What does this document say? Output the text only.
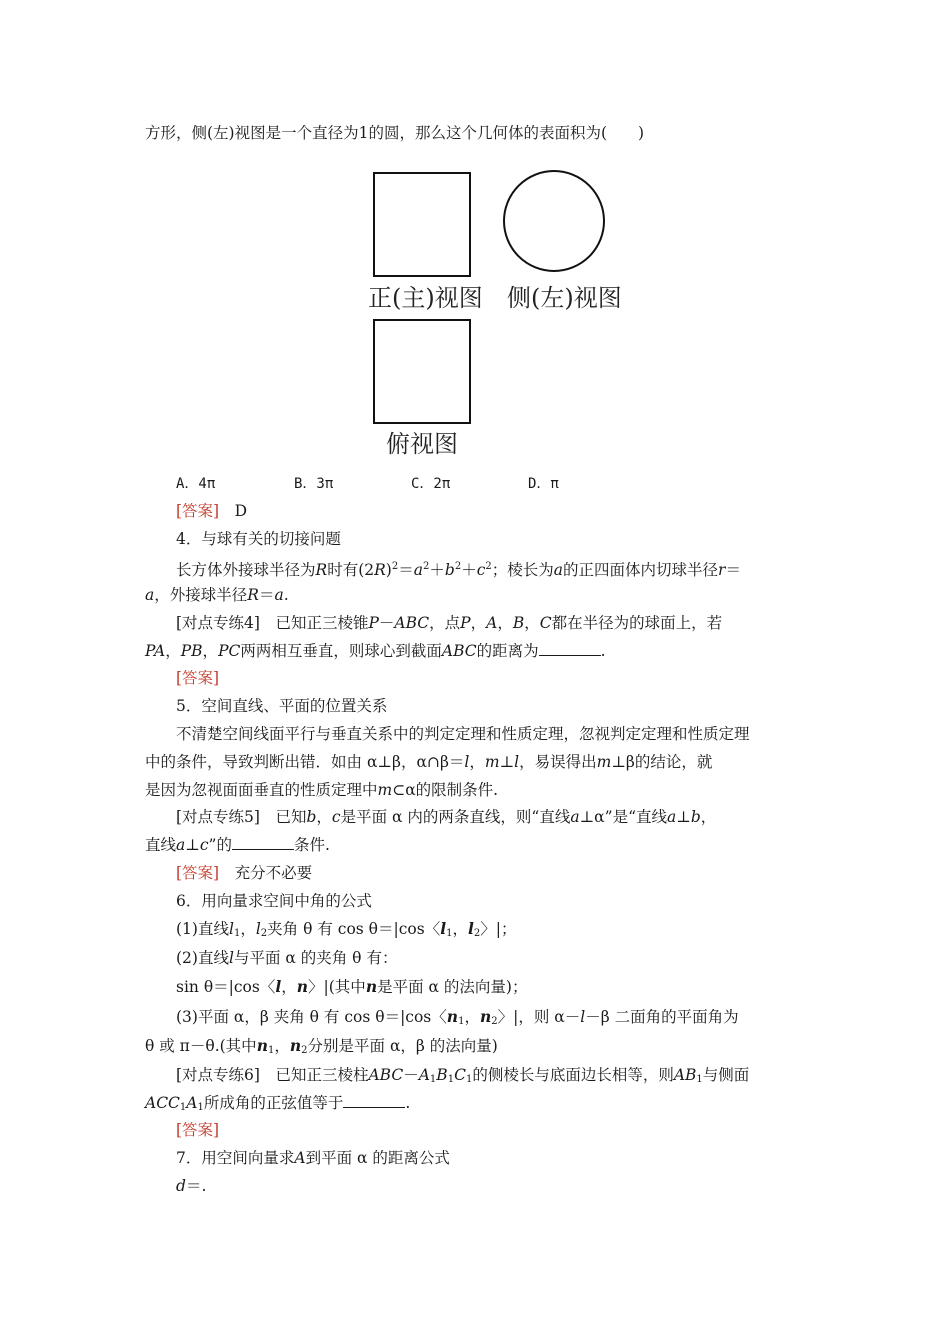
方形，侧(左)视图是一个直径为1的圆，那么这个几何体的表面积为(　　)
正(主)视图 侧(左)视图
俯视图
A．4π	B．3π	C．2π	D．π
[答案]　 D
4．与球有关的切接问题
长方体外接球半径为R时有$(2R)^2=a^2+b^2+c^2$；棱长为a的正四面体内切球半径r＝
a，外接球半径R＝a.
[对点专练4]　已知正三棱锥P－ABC，点P，A，B，C都在半径为的球面上，若
PA，PB，PC两两相互垂直，则球心到截面ABC的距离为	.
[答案]
5．空间直线、平面的位置关系
不清楚空间线面平行与垂直关系中的判定定理和性质定理，忽视判定定理和性质定理
中的条件，导致判断出错．如由 α⊥β，α∩β＝l，m⊥l，易误得出m⊥β的结论，就
是因为忽视面面垂直的性质定理中m⊂α的限制条件.
[对点专练5]　已知b，c是平面 α 内的两条直线，则“直线a⊥α”是“直线a⊥b，
直线a⊥c”的	条件.
[答案]　 充分不必要
6．用向量求空间中角的公式
(1)直线$l_1$，$l_2$夹角 θ 有 cos θ＝|cos〈$l_1$，$l_2$〉|；
(2)直线l与平面 α 的夹角 θ 有：
sin θ＝|cos〈l，n〉|(其中n是平面 α 的法向量)；
(3)平面 α，β 夹角 θ 有 cos θ＝|cos〈$n_1$，$n_2$〉|，则 α－l－β 二面角的平面角为
θ 或 π－θ.(其中$n_1$，$n_2$分别是平面 α，β 的法向量)
[对点专练6]　已知正三棱柱$ABC-A_1B_1C_1$的侧棱长与底面边长相等，则$AB_1$与侧面
$ACC_1A_1$所成角的正弦值等于	.
[答案]
7．用空间向量求A到平面 α 的距离公式
d＝.
